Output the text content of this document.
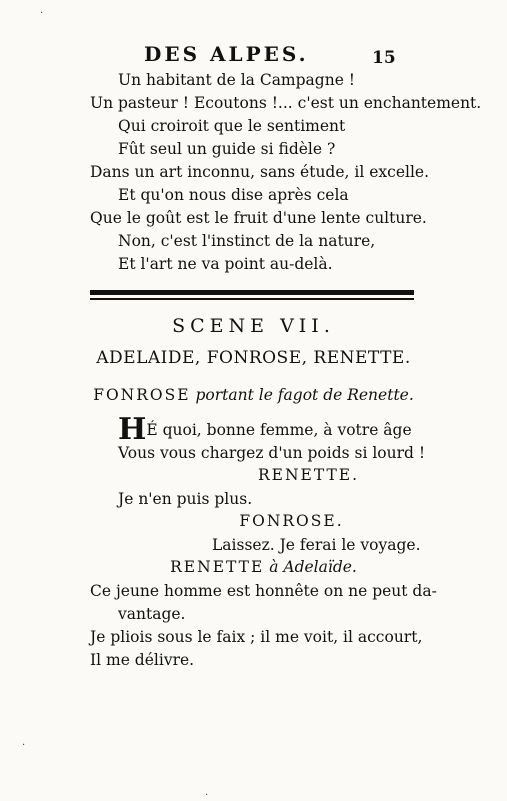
·
DES ALPES.	15
Un habitant de la Campagne !
Un pasteur ! Ecoutons !... c'est un enchantement.
Qui croiroit que le sentiment
Fût seul un guide si fidèle ?
Dans un art inconnu, sans étude, il excelle.
Et qu'on nous dise après cela
Que le goût est le fruit d'une lente culture.
Non, c'est l'instinct de la nature,
Et l'art ne va point au-delà.
SCENE VII.
ADELAIDE, FONROSE, RENETTE.
FONROSE portant le fagot de Renette.
HÉ quoi, bonne femme, à votre âge
Vous vous chargez d'un poids si lourd !
RENETTE.
Je n'en puis plus.
FONROSE.
Laissez. Je ferai le voyage.
RENETTE à Adelaïde.
Ce jeune homme est honnête on ne peut da-
vantage.
Je pliois sous le faix ; il me voit, il accourt,
Il me délivre.
·
·
